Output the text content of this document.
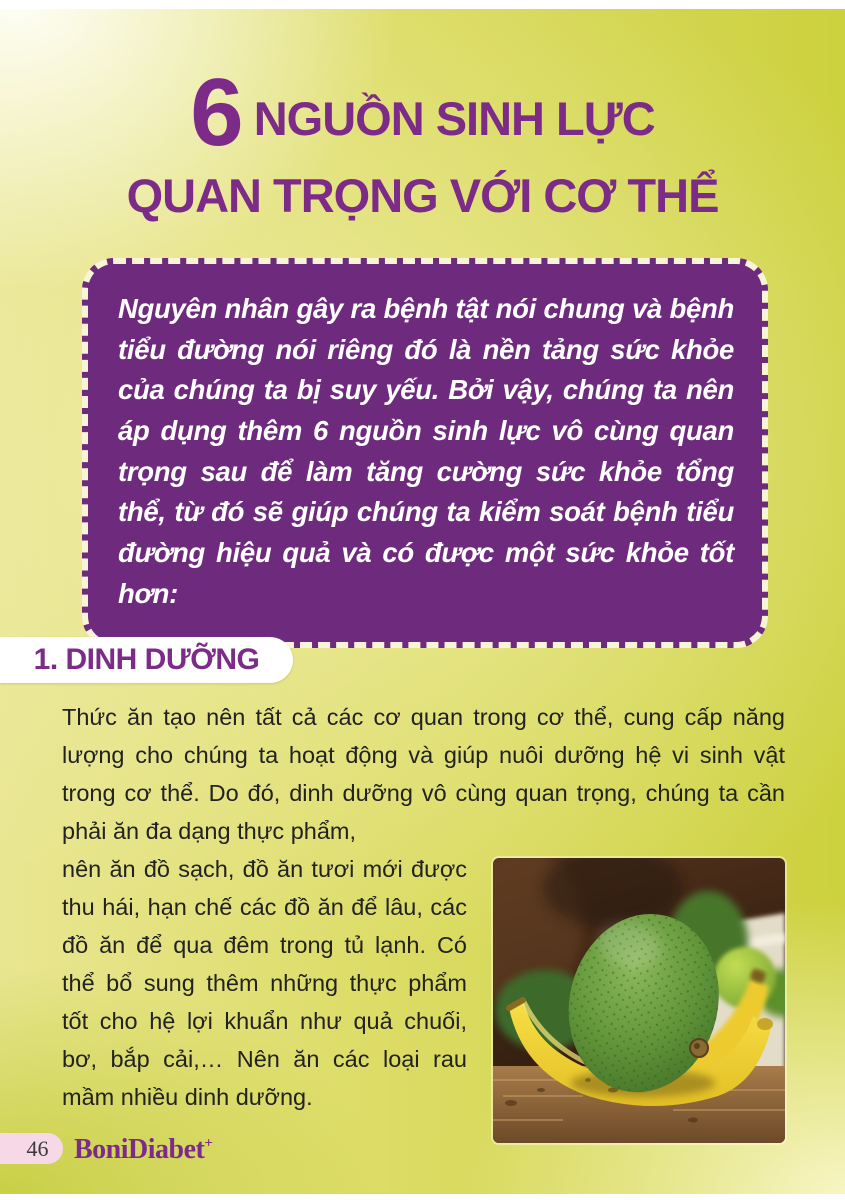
6 NGUỒN SINH LỰC
QUAN TRỌNG VỚI CƠ THỂ
Nguyên nhân gây ra bệnh tật nói chung và bệnh tiểu đường nói riêng đó là nền tảng sức khỏe của chúng ta bị suy yếu. Bởi vậy, chúng ta nên áp dụng thêm 6 nguồn sinh lực vô cùng quan trọng sau để làm tăng cường sức khỏe tổng thể, từ đó sẽ giúp chúng ta kiểm soát bệnh tiểu đường hiệu quả và có được một sức khỏe tốt hơn:
1. DINH DƯỠNG

Thức ăn tạo nên tất cả các cơ quan trong cơ thể, cung cấp năng lượng cho chúng ta hoạt động và giúp nuôi dưỡng hệ vi sinh vật trong cơ thể. Do đó, dinh dưỡng vô cùng quan trọng, chúng ta cần phải ăn đa dạng thực phẩm,

nên ăn đồ sạch, đồ ăn tươi mới được thu hái, hạn chế các đồ ăn để lâu, các đồ ăn để qua đêm trong tủ lạnh. Có thể bổ sung thêm những thực phẩm tốt cho hệ lợi khuẩn như quả chuối, bơ, bắp cải,… Nên ăn các loại rau mầm nhiều dinh dưỡng.

46 BoniDiabet+
